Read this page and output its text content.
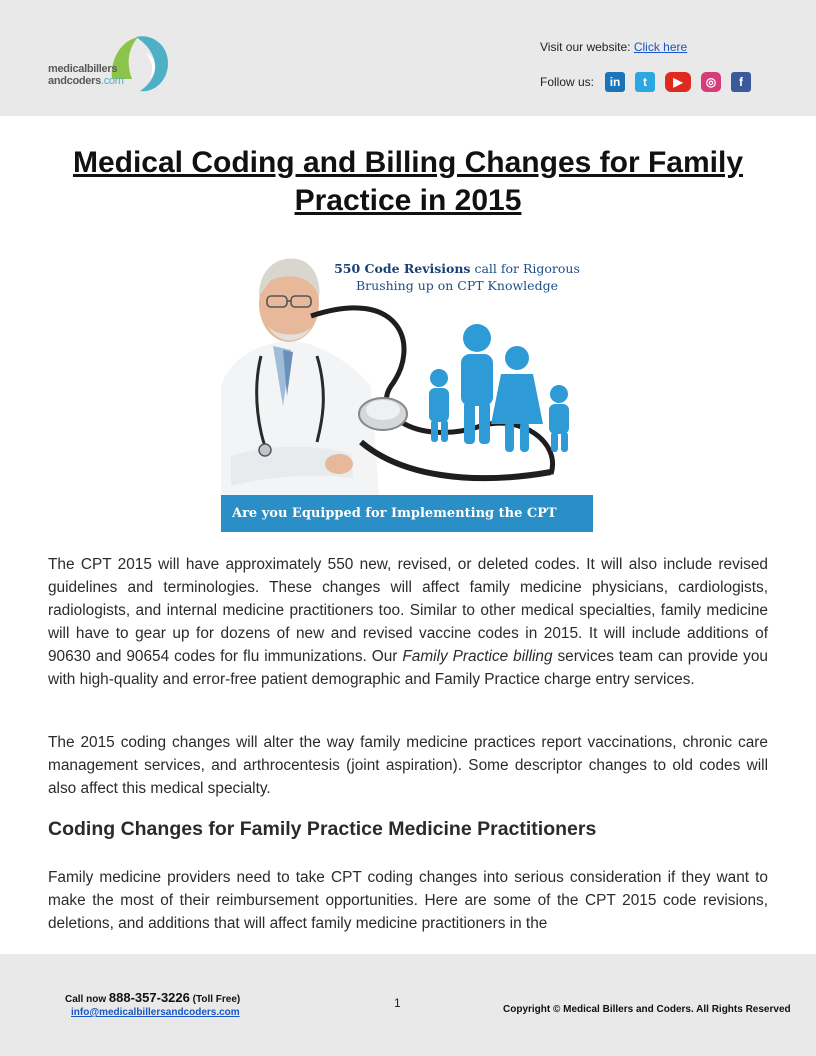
medicalbillers
andcoders.com
Visit our website: Click here
Follow us:	in	t	▶	◎	f
Medical Coding and Billing Changes for Family Practice in 2015
550 Code Revisions call for Rigorous Brushing up on CPT Knowledge
Are you Equipped for Implementing the CPT 2015?

The CPT 2015 will have approximately 550 new, revised, or deleted codes. It will also include revised guidelines and terminologies. These changes will affect family medicine physicians, cardiologists, radiologists, and internal medicine practitioners too. Similar to other medical specialties, family medicine will have to gear up for dozens of new and revised vaccine codes in 2015. It will include additions of 90630 and 90654 codes for flu immunizations. Our Family Practice billing services team can provide you with high-quality and error-free patient demographic and Family Practice charge entry services.

The 2015 coding changes will alter the way family medicine practices report vaccinations, chronic care management services, and arthrocentesis (joint aspiration). Some descriptor changes to old codes will also affect this medical specialty.

Coding Changes for Family Practice Medicine Practitioners

Family medicine providers need to take CPT coding changes into serious consideration if they want to make the most of their reimbursement opportunities. Here are some of the CPT 2015 code revisions, deletions, and additions that will affect family medicine practitioners in the

Call now 888-357-3226 (Toll Free)
info@medicalbillersandcoders.com
1	Copyright © Medical Billers and Coders. All Rights Reserved
